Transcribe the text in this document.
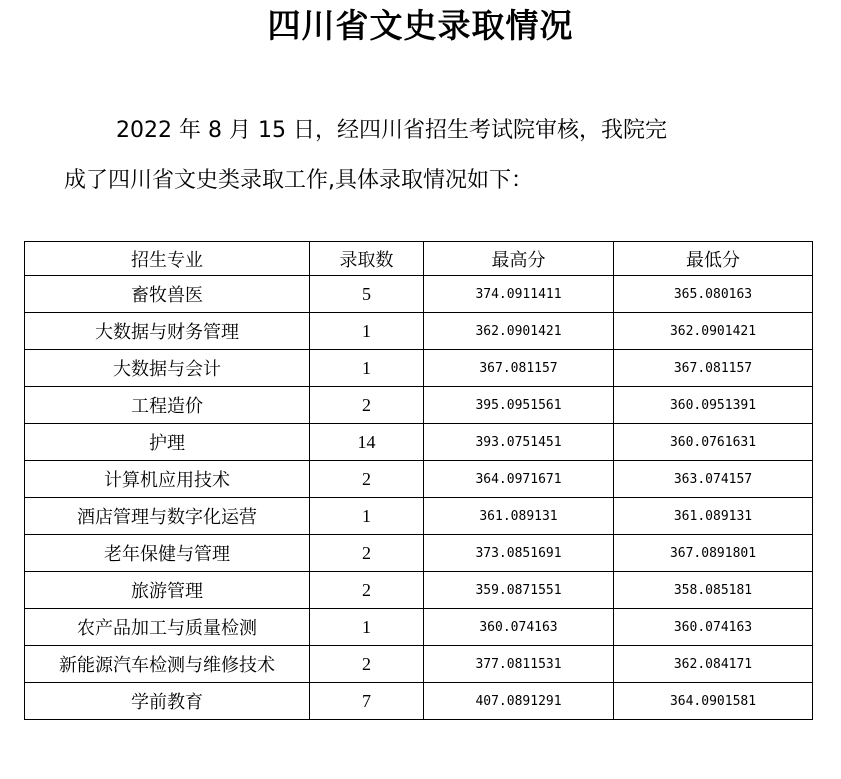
四川省文史录取情况
2022 年 8 月 15 日，经四川省招生考试院审核，我院完
成了四川省文史类录取工作,具体录取情况如下：
招生专业	录取数	最高分	最低分
畜牧兽医	5	374.0911411	365.080163
大数据与财务管理	1	362.0901421	362.0901421
大数据与会计	1	367.081157	367.081157
工程造价	2	395.0951561	360.0951391
护理	14	393.0751451	360.0761631
计算机应用技术	2	364.0971671	363.074157
酒店管理与数字化运营	1	361.089131	361.089131
老年保健与管理	2	373.0851691	367.0891801
旅游管理	2	359.0871551	358.085181
农产品加工与质量检测	1	360.074163	360.074163
新能源汽车检测与维修技术	2	377.0811531	362.084171
学前教育	7	407.0891291	364.0901581
